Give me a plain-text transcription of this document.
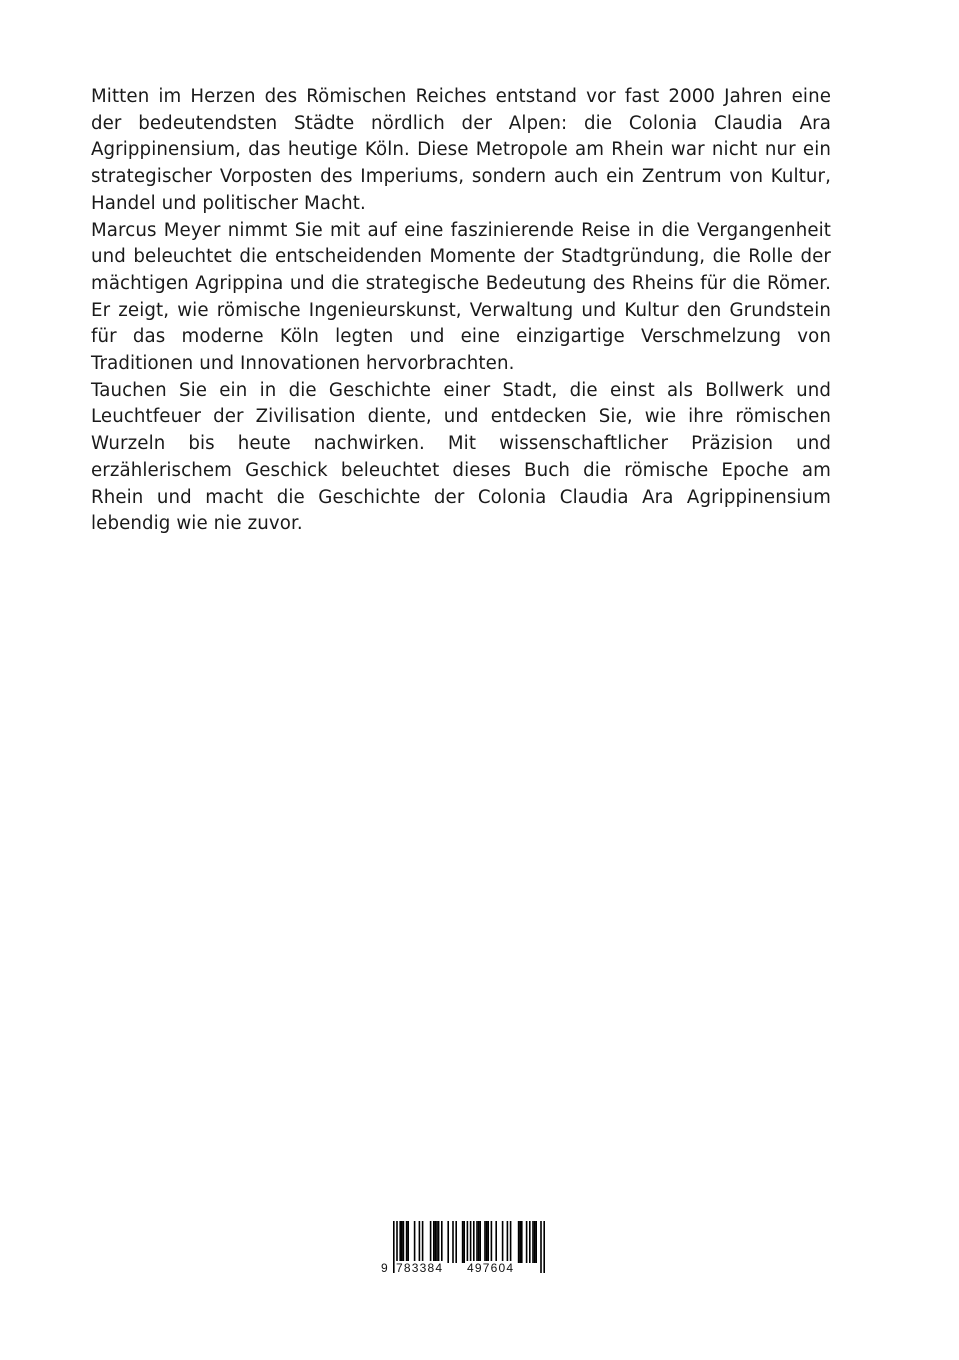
Mitten im Herzen des Römischen Reiches entstand vor fast 2000 Jahren eine der bedeutendsten Städte nördlich der Alpen: die Colonia Claudia Ara Agrippinensium, das heutige Köln. Diese Metropole am Rhein war nicht nur ein strategischer Vorposten des Imperiums, sondern auch ein Zentrum von Kultur, Handel und politischer Macht.

Marcus Meyer nimmt Sie mit auf eine faszinierende Reise in die Vergangenheit und beleuchtet die entscheidenden Momente der Stadtgründung, die Rolle der mächtigen Agrippina und die strategische Bedeutung des Rheins für die Römer. Er zeigt, wie römische Ingenieurskunst, Verwaltung und Kultur den Grundstein für das moderne Köln legten und eine einzigartige Verschmelzung von Traditionen und Innovationen hervorbrachten.

Tauchen Sie ein in die Geschichte einer Stadt, die einst als Bollwerk und Leuchtfeuer der Zivilisation diente, und entdecken Sie, wie ihre römischen Wurzeln bis heute nachwirken. Mit wissenschaftlicher Präzision und erzählerischem Geschick beleuchtet dieses Buch die römische Epoche am Rhein und macht die Geschichte der Colonia Claudia Ara Agrippinensium lebendig wie nie zuvor.

9 783384 497604
